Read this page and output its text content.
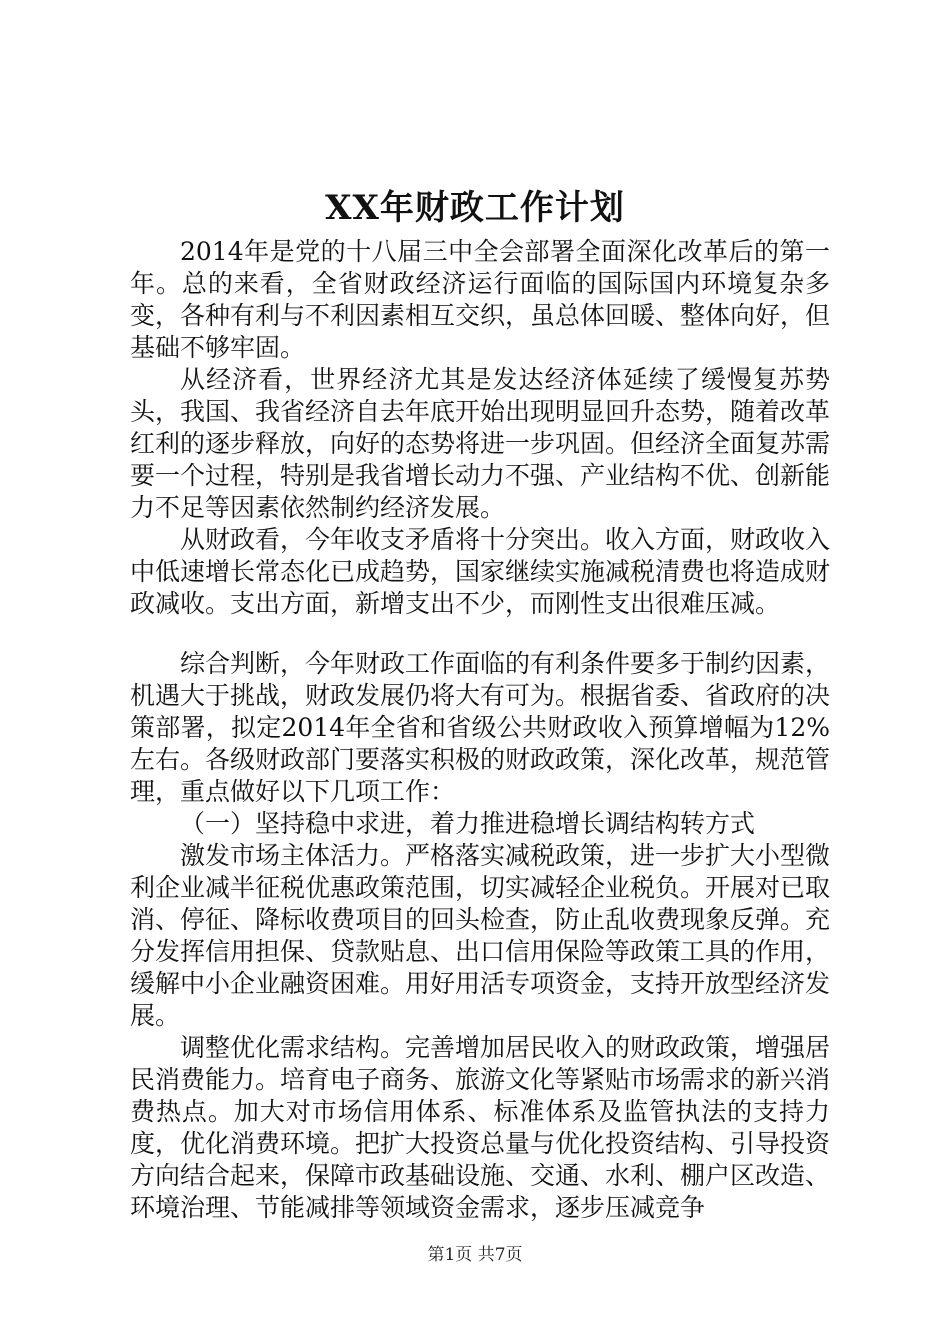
XX年财政工作计划

2014年是党的十八届三中全会部署全面深化改革后的第一年。总的来看，全省财政经济运行面临的国际国内环境复杂多变，各种有利与不利因素相互交织，虽总体回暖、整体向好，但基础不够牢固。

从经济看，世界经济尤其是发达经济体延续了缓慢复苏势头，我国、我省经济自去年底开始出现明显回升态势，随着改革红利的逐步释放，向好的态势将进一步巩固。但经济全面复苏需要一个过程，特别是我省增长动力不强、产业结构不优、创新能力不足等因素依然制约经济发展。

从财政看，今年收支矛盾将十分突出。收入方面，财政收入中低速增长常态化已成趋势，国家继续实施减税清费也将造成财政减收。支出方面，新增支出不少，而刚性支出很难压减。

综合判断，今年财政工作面临的有利条件要多于制约因素，机遇大于挑战，财政发展仍将大有可为。根据省委、省政府的决策部署，拟定2014年全省和省级公共财政收入预算增幅为12%左右。各级财政部门要落实积极的财政政策，深化改革，规范管理，重点做好以下几项工作：

（一）坚持稳中求进，着力推进稳增长调结构转方式

激发市场主体活力。严格落实减税政策，进一步扩大小型微利企业减半征税优惠政策范围，切实减轻企业税负。开展对已取消、停征、降标收费项目的回头检查，防止乱收费现象反弹。充分发挥信用担保、贷款贴息、出口信用保险等政策工具的作用，缓解中小企业融资困难。用好用活专项资金，支持开放型经济发展。

调整优化需求结构。完善增加居民收入的财政政策，增强居民消费能力。培育电子商务、旅游文化等紧贴市场需求的新兴消费热点。加大对市场信用体系、标准体系及监管执法的支持力度，优化消费环境。把扩大投资总量与优化投资结构、引导投资方向结合起来，保障市政基础设施、交通、水利、棚户区改造、环境治理、节能减排等领域资金需求，逐步压减竞争

第1页 共7页
